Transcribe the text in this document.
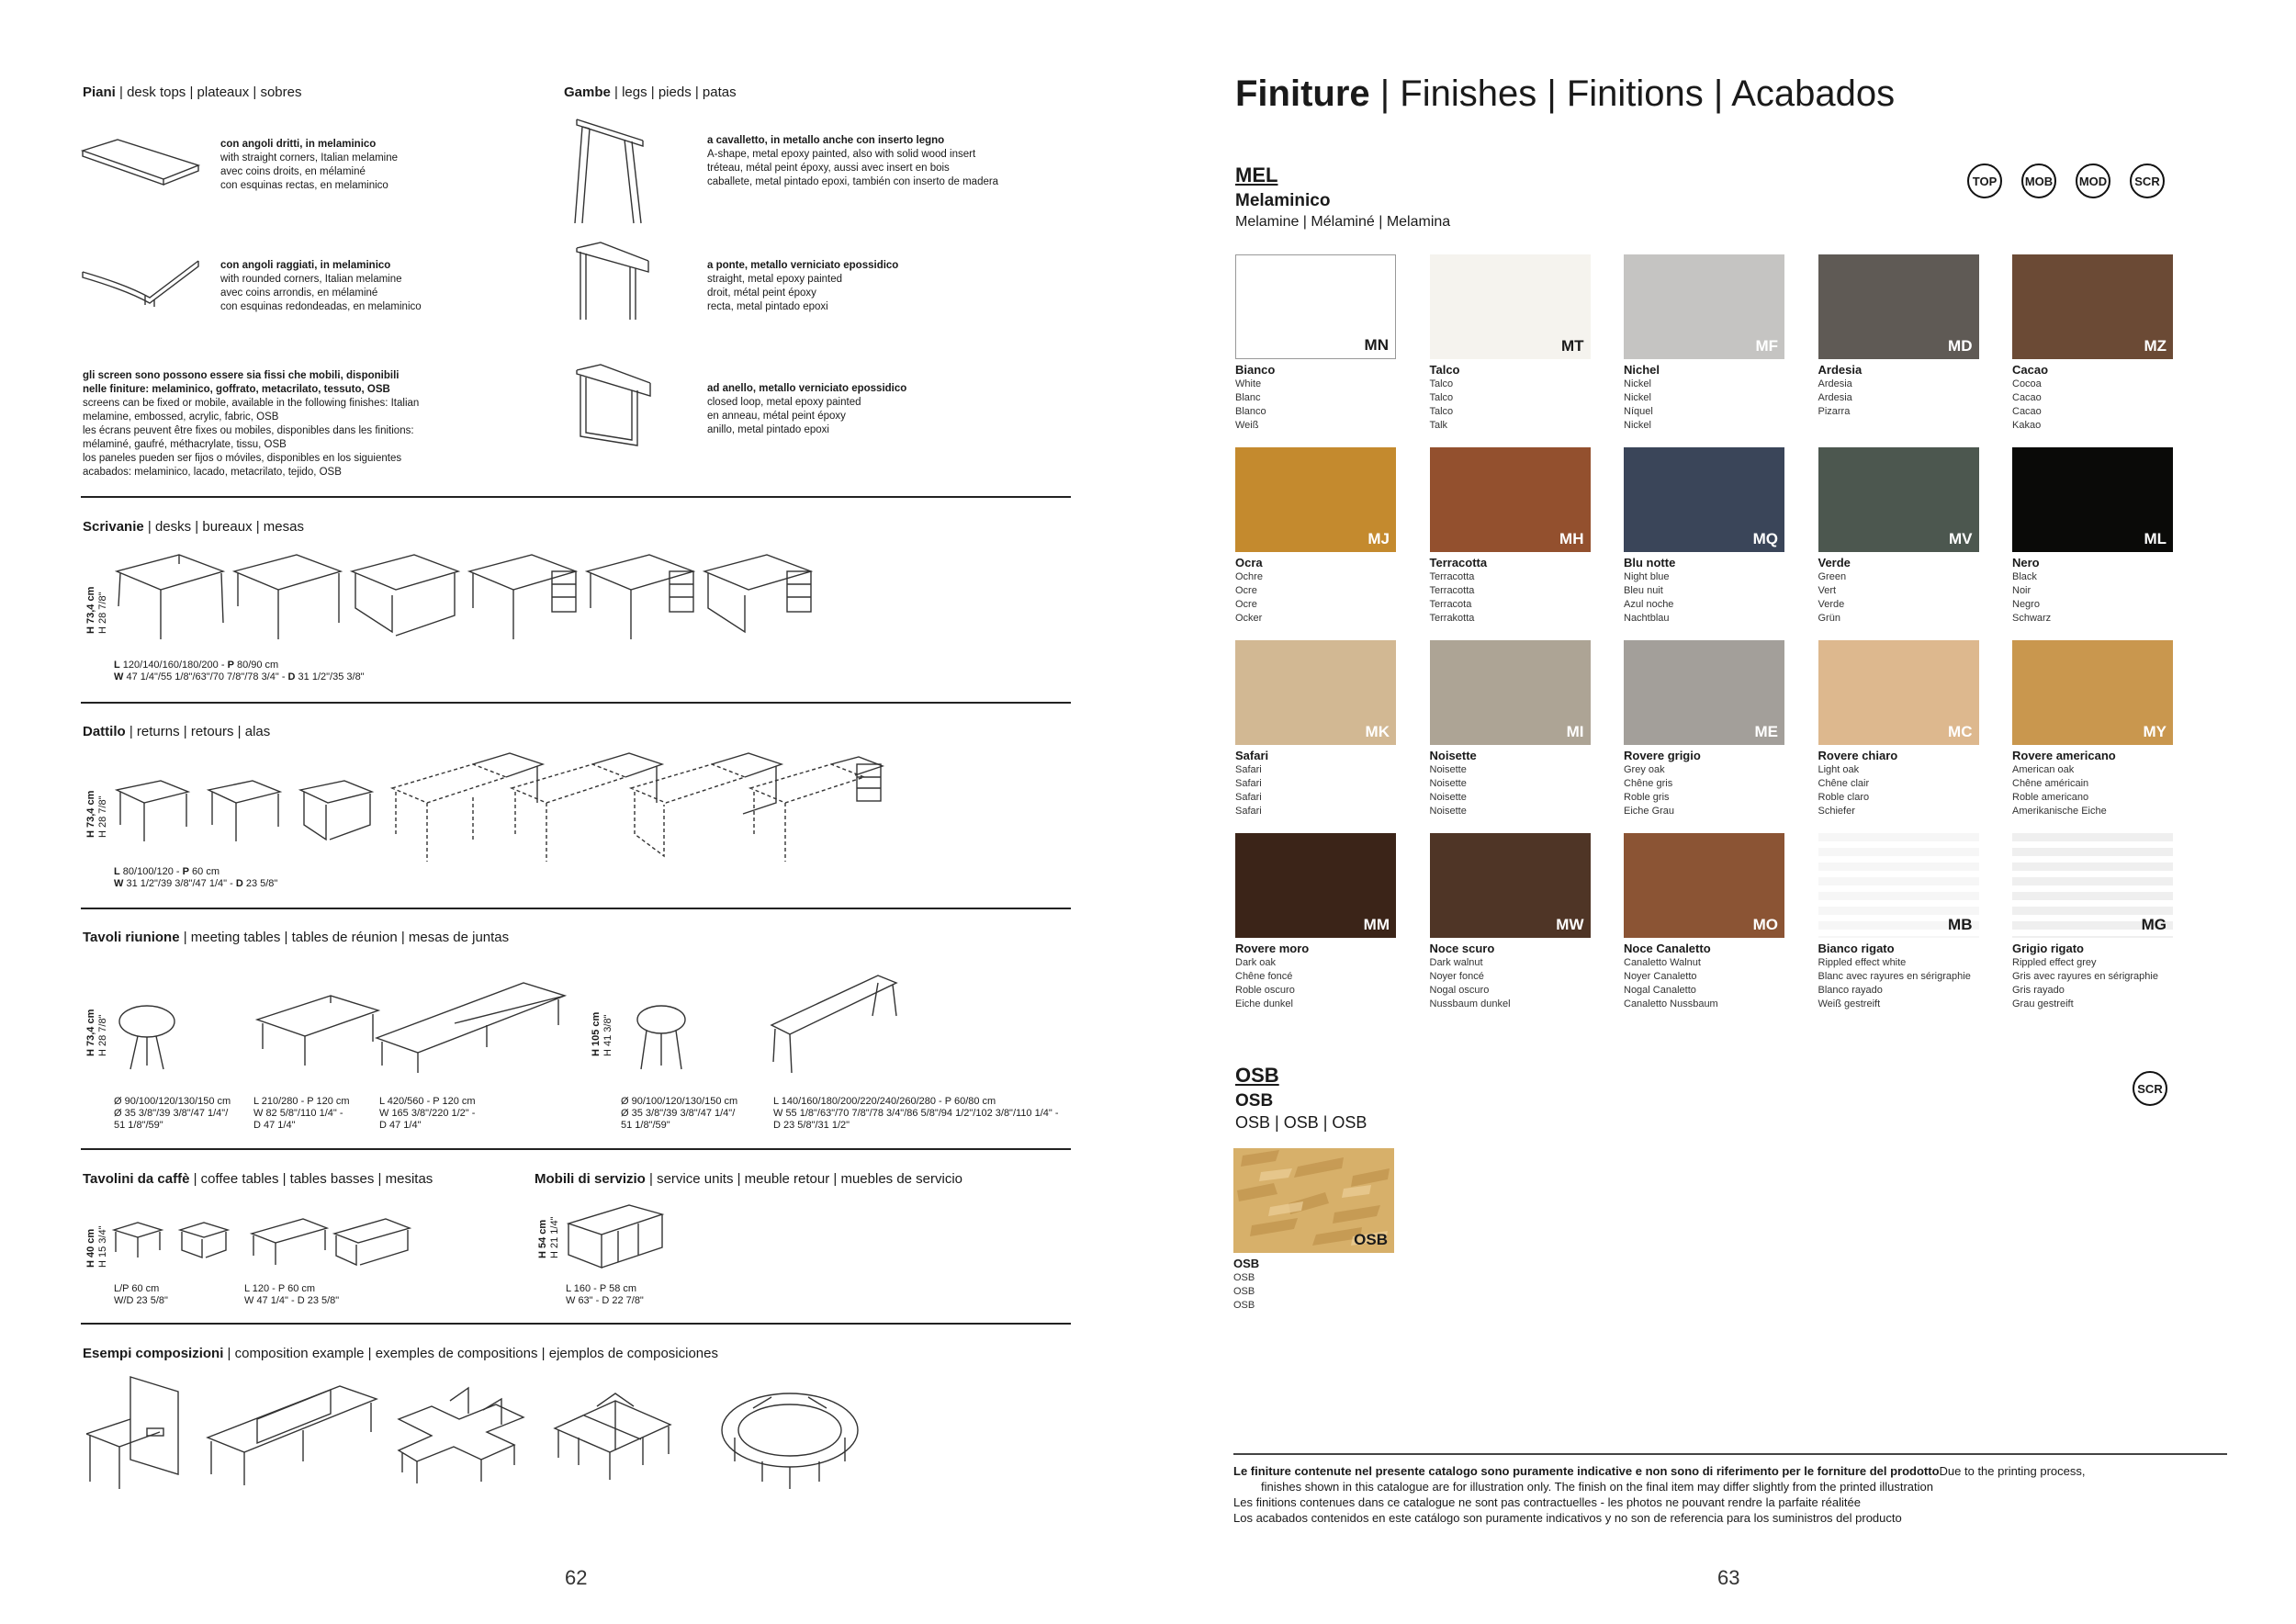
Piani | desk tops | plateaux | sobres
con angoli dritti, in melaminico
with straight corners, Italian melamine
avec coins droits, en mélaminé
con esquinas rectas, en melaminico
con angoli raggiati, in melaminico
with rounded corners, Italian melamine
avec coins arrondis, en mélaminé
con esquinas redondeadas, en melaminico
gli screen sono possono essere sia fissi che mobili, disponibili
nelle finiture: melaminico, goffrato, metacrilato, tessuto, OSB
screens can be fixed or mobile, available in the following finishes: Italian
melamine, embossed, acrylic, fabric, OSB
les écrans peuvent être fixes ou mobiles, disponibles dans les finitions:
mélaminé, gaufré, méthacrylate, tissu, OSB
los paneles pueden ser fijos o móviles, disponibles en los siguientes
acabados: melaminico, lacado, metacrilato, tejido, OSB
Gambe | legs | pieds | patas
a cavalletto, in metallo anche con inserto legno
A-shape, metal epoxy painted, also with solid wood insert
tréteau, métal peint époxy, aussi avec insert en bois
caballete, metal pintado epoxi, también con inserto de madera
a ponte, metallo verniciato epossidico
straight, metal epoxy painted
droit, métal peint époxy
recta, metal pintado epoxi
ad anello, metallo verniciato epossidico
closed loop, metal epoxy painted
en anneau, métal peint époxy
anillo, metal pintado epoxi
Scrivanie | desks | bureaux | mesas
H 73,4 cm
H 28 7/8"
L 120/140/160/180/200 - P 80/90 cm
W 47 1/4"/55 1/8"/63"/70 7/8"/78 3/4" - D 31 1/2"/35 3/8"
Dattilo | returns | retours | alas
H 73,4 cm
H 28 7/8"
L 80/100/120 - P 60 cm
W 31 1/2"/39 3/8"/47 1/4" - D 23 5/8"
Tavoli riunione | meeting tables | tables de réunion | mesas de juntas
H 73,4 cm
H 28 7/8"	H 105 cm
H 41 3/8"
Ø 90/100/120/130/150 cm
Ø 35 3/8"/39 3/8"/47 1/4"/
51 1/8"/59"
L 210/280 - P 120 cm
W 82 5/8"/110 1/4" -
D 47 1/4"
L 420/560 - P 120 cm
W 165 3/8"/220 1/2" -
D 47 1/4"
Ø 90/100/120/130/150 cm
Ø 35 3/8"/39 3/8"/47 1/4"/
51 1/8"/59"
L 140/160/180/200/220/240/260/280 - P 60/80 cm
W 55 1/8"/63"/70 7/8"/78 3/4"/86 5/8"/94 1/2"/102 3/8"/110 1/4" -
D 23 5/8"/31 1/2"
Tavolini da caffè | coffee tables | tables basses | mesitas
H 40 cm
H 15 3/4"
L/P 60 cm
W/D 23 5/8"
L 120 - P 60 cm
W 47 1/4" - D 23 5/8"
Mobili di servizio | service units | meuble retour | muebles de servicio
H 54 cm
H 21 1/4"
L 160 - P 58 cm
W 63" - D 22 7/8"
Esempi composizioni | composition example | exemples de compositions | ejemplos de composiciones
62
Finiture | Finishes | Finitions | Acabados
MEL
Melaminico
Melamine | Mélaminé | Melamina
TOP	MOB MOD	SCR
MN
Bianco
White
Blanc
Blanco
Weiß
MT
Talco
Talco
Talco
Talco
Talk
MF
Nichel
Nickel
Nickel
Níquel
Nickel
MD
Ardesia
Ardesia
Ardesia
Pizarra
MZ
Cacao
Cocoa
Cacao
Cacao
Kakao
MJ
Ocra
Ochre
Ocre
Ocre
Ocker
MH
Terracotta
Terracotta
Terracotta
Terracota
Terrakotta
MQ
Blu notte
Night blue
Bleu nuit
Azul noche
Nachtblau
MV
Verde
Green
Vert
Verde
Grün
ML
Nero
Black
Noir
Negro
Schwarz
MK
Safari
Safari
Safari
Safari
Safari
MI
Noisette
Noisette
Noisette
Noisette
Noisette
ME
Rovere grigio
Grey oak
Chêne gris
Roble gris
Eiche Grau
MC
Rovere chiaro
Light oak
Chêne clair
Roble claro
Schiefer
MY
Rovere americano
American oak
Chêne américain
Roble americano
Amerikanische Eiche
MM
Rovere moro
Dark oak
Chêne foncé
Roble oscuro
Eiche dunkel
MW
Noce scuro
Dark walnut
Noyer foncé
Nogal oscuro
Nussbaum dunkel
MO
Noce Canaletto
Canaletto Walnut
Noyer Canaletto
Nogal Canaletto
Canaletto Nussbaum
MB
Bianco rigato
Rippled effect white
Blanc avec rayures en sérigraphie
Blanco rayado
Weiß gestreift
MG
Grigio rigato
Rippled effect grey
Gris avec rayures en sérigraphie
Gris rayado
Grau gestreift
OSB
OSB
OSB | OSB | OSB
SCR
OSB
OSB
OSB
OSB
OSB
Le finiture contenute nel presente catalogo sono puramente indicative e non sono di riferimento per le forniture del prodottoDue to the printing process,
finishes shown in this catalogue are for illustration only. The finish on the final item may differ slightly from the printed illustration
Les finitions contenues dans ce catalogue ne sont pas contractuelles - les photos ne pouvant rendre la parfaite réalitée
Los acabados contenidos en este catálogo son puramente indicativos y no son de referencia para los suministros del producto
63
